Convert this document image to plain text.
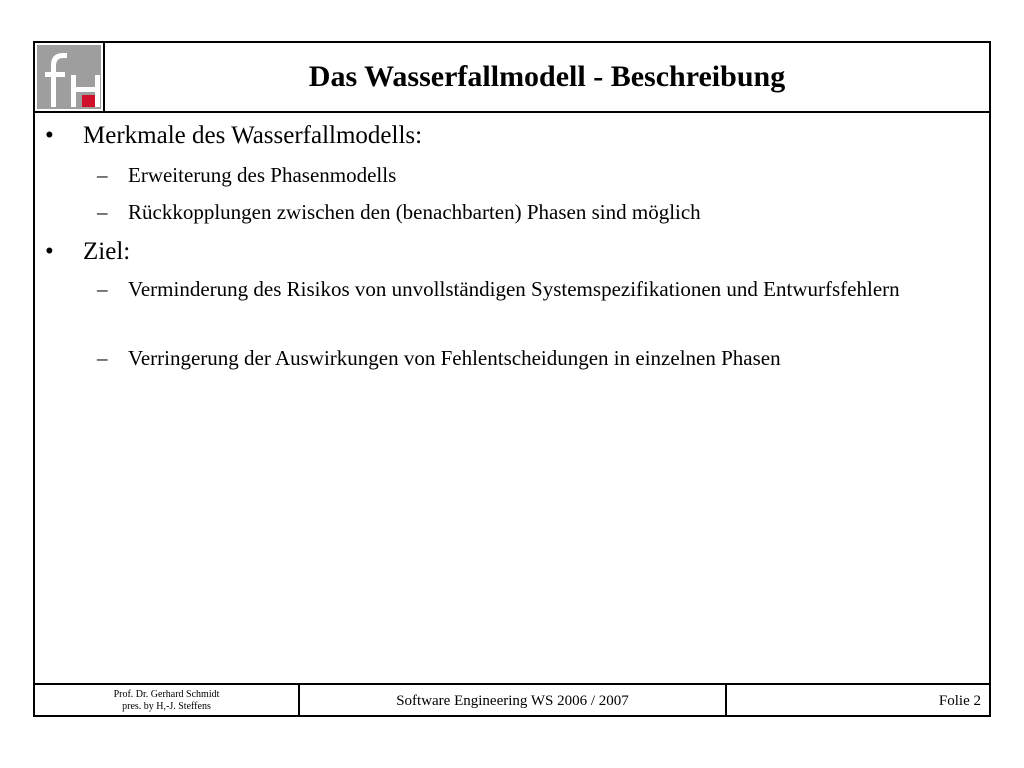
Das Wasserfallmodell - Beschreibung
• Merkmale des Wasserfallmodells:
– Erweiterung des Phasenmodells
– Rückkopplungen zwischen den (benachbarten) Phasen sind möglich
• Ziel:
– Verminderung des Risikos von unvollständigen Systemspezifikationen und Entwurfsfehlern
– Verringerung der Auswirkungen von Fehlentscheidungen in einzelnen Phasen
Prof. Dr. Gerhard Schmidt
pres. by H,-J. Steffens	Software Engineering WS 2006 / 2007	Folie 2
